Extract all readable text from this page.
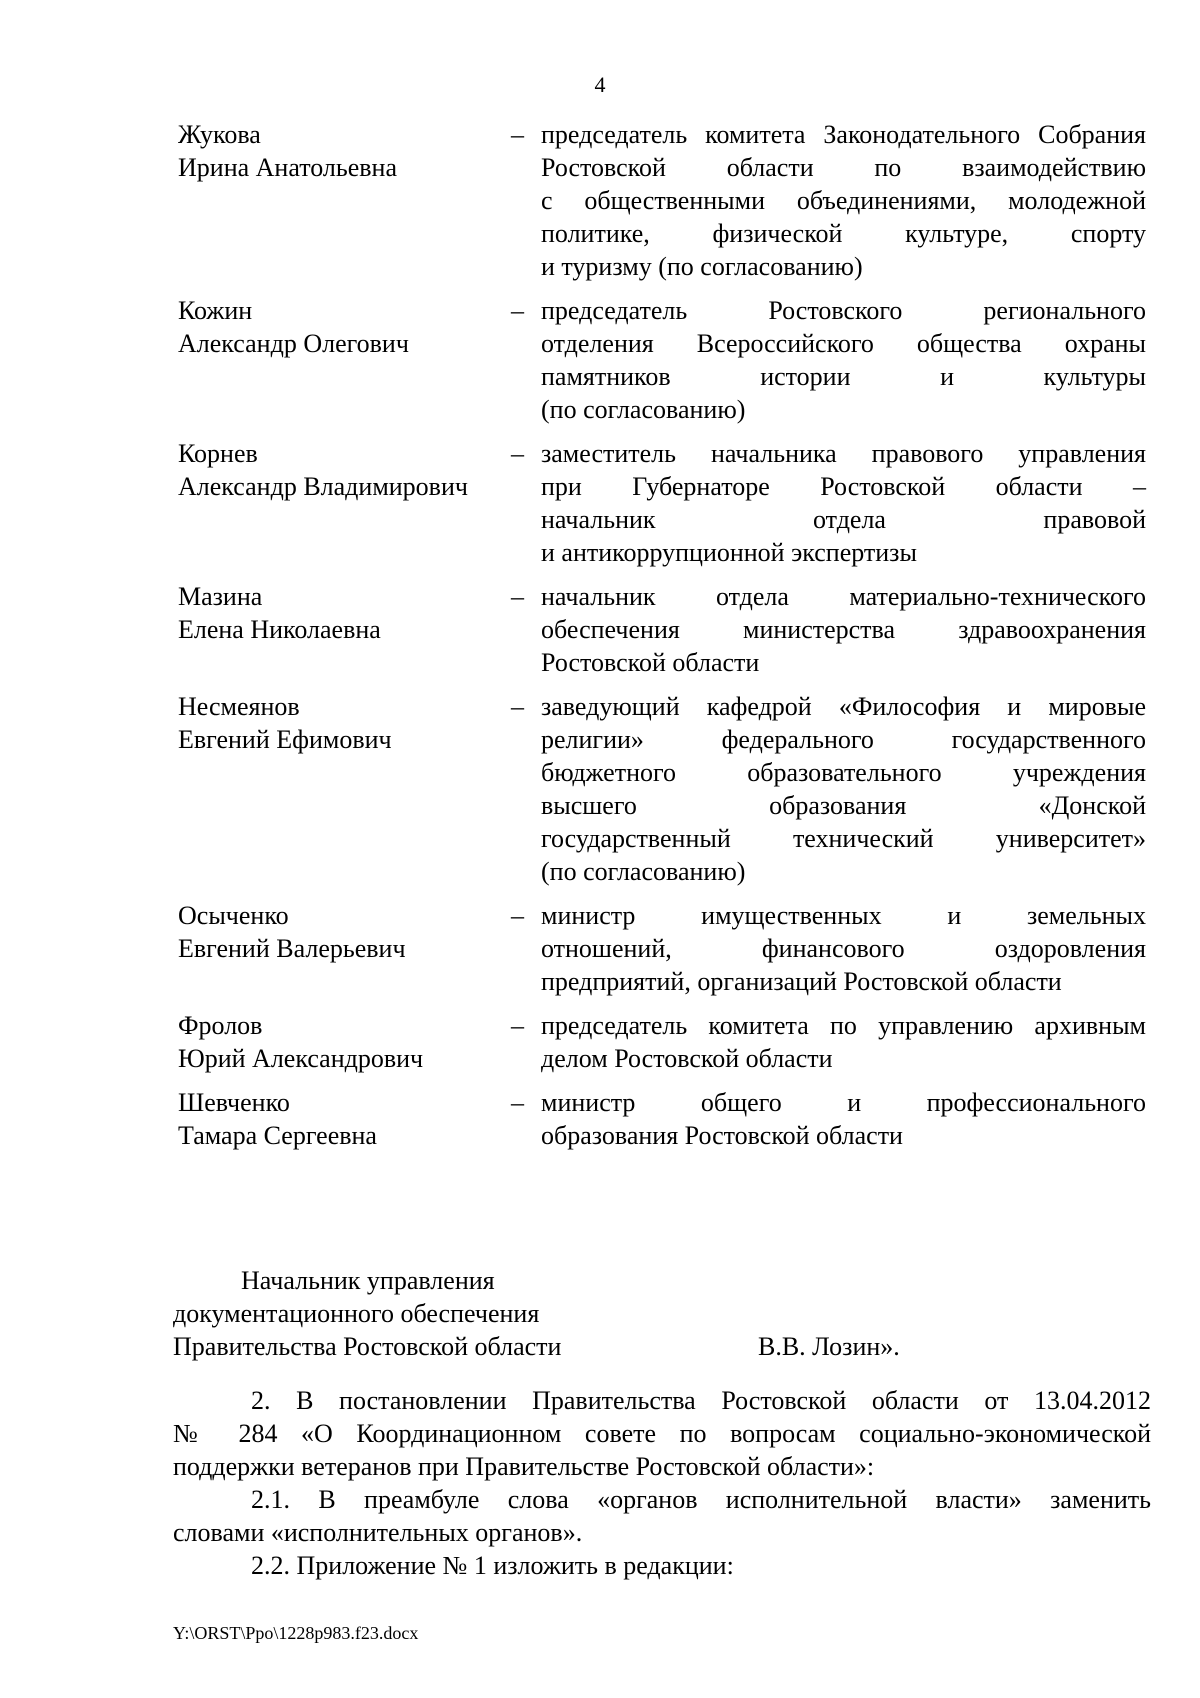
4
Жукова
Ирина Анатольевна
– председатель комитета Законодательного Собрания
Ростовской области по взаимодействию
с общественными объединениями, молодежной
политике, физической культуре, спорту
и туризму (по согласованию)
Кожин
Александр Олегович
– председатель Ростовского регионального
отделения Всероссийского общества охраны
памятников истории и культуры
(по согласованию)
Корнев
Александр Владимирович
– заместитель начальника правового управления
при Губернаторе Ростовской области –
начальник отдела правовой
и антикоррупционной экспертизы
Мазина
Елена Николаевна
– начальник отдела материально-технического
обеспечения министерства здравоохранения
Ростовской области
Несмеянов
Евгений Ефимович
– заведующий кафедрой «Философия и мировые
религии» федерального государственного
бюджетного образовательного учреждения
высшего образования «Донской
государственный технический университет»
(по согласованию)
Осыченко
Евгений Валерьевич
– министр имущественных и земельных
отношений, финансового оздоровления
предприятий, организаций Ростовской области
Фролов
Юрий Александрович
– председатель комитета по управлению архивным
делом Ростовской области
Шевченко
Тамара Сергеевна
– министр общего и профессионального
образования Ростовской области
Начальник управления
документационного обеспечения
Правительства Ростовской области	В.В. Лозин».
2. В постановлении Правительства Ростовской области от 13.04.2012
№ 284 «О Координационном совете по вопросам социально-экономической
поддержки ветеранов при Правительстве Ростовской области»:
2.1. В преамбуле слова «органов исполнительной власти» заменить
словами «исполнительных органов».
2.2. Приложение № 1 изложить в редакции:
Y:\ORST\Ppo\1228p983.f23.docx
